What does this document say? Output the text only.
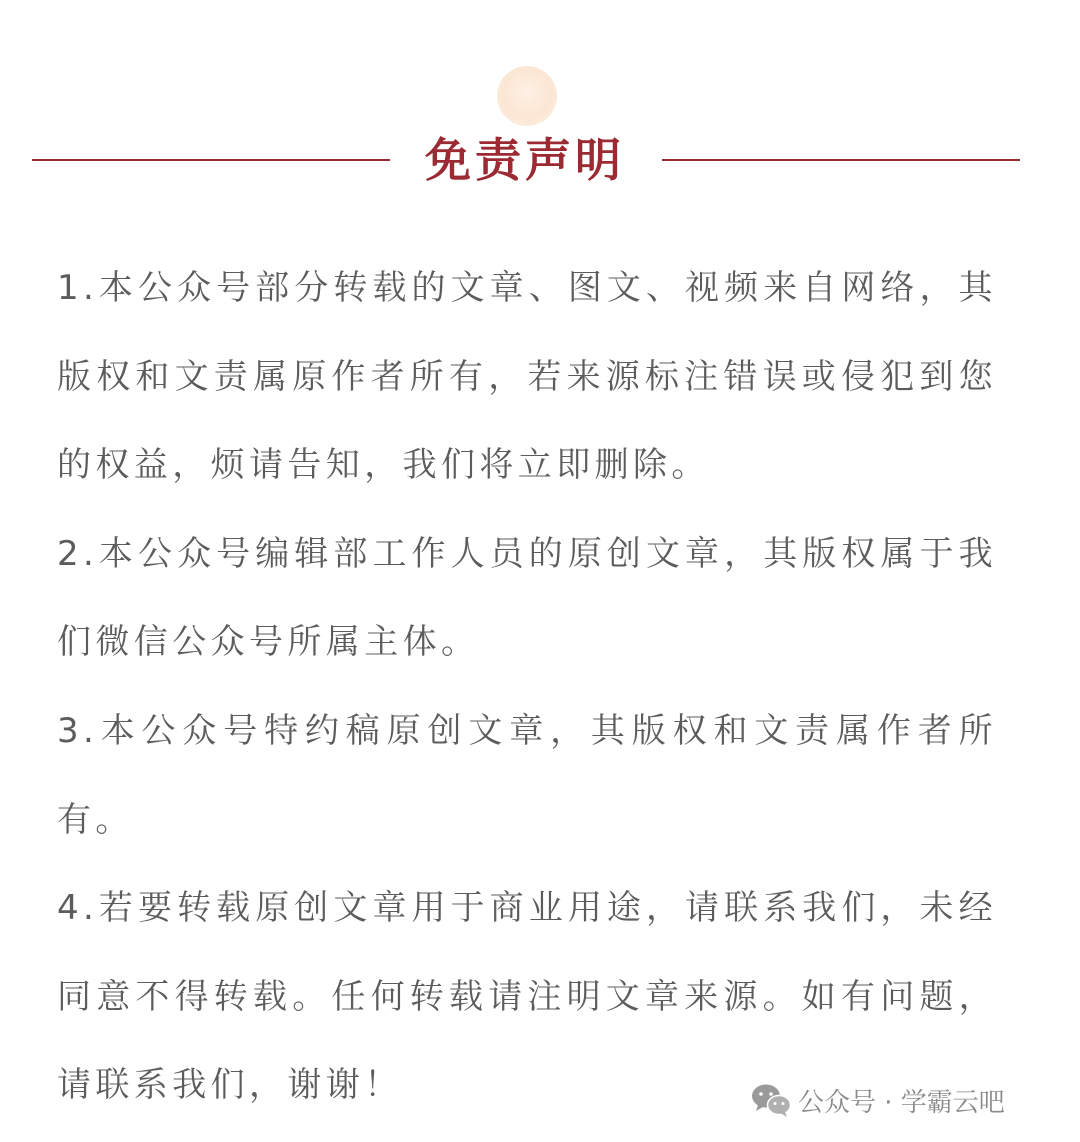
免责声明

1.本公众号部分转载的文章、图文、视频来自网络，其版权和文责属原作者所有，若来源标注错误或侵犯到您的权益，烦请告知，我们将立即删除。

2.本公众号编辑部工作人员的原创文章，其版权属于我们微信公众号所属主体。

3.本公众号特约稿原创文章，其版权和文责属作者所有。

4.若要转载原创文章用于商业用途，请联系我们，未经同意不得转载。任何转载请注明文章来源。如有问题，请联系我们，谢谢！	公众号 · 学霸云吧
